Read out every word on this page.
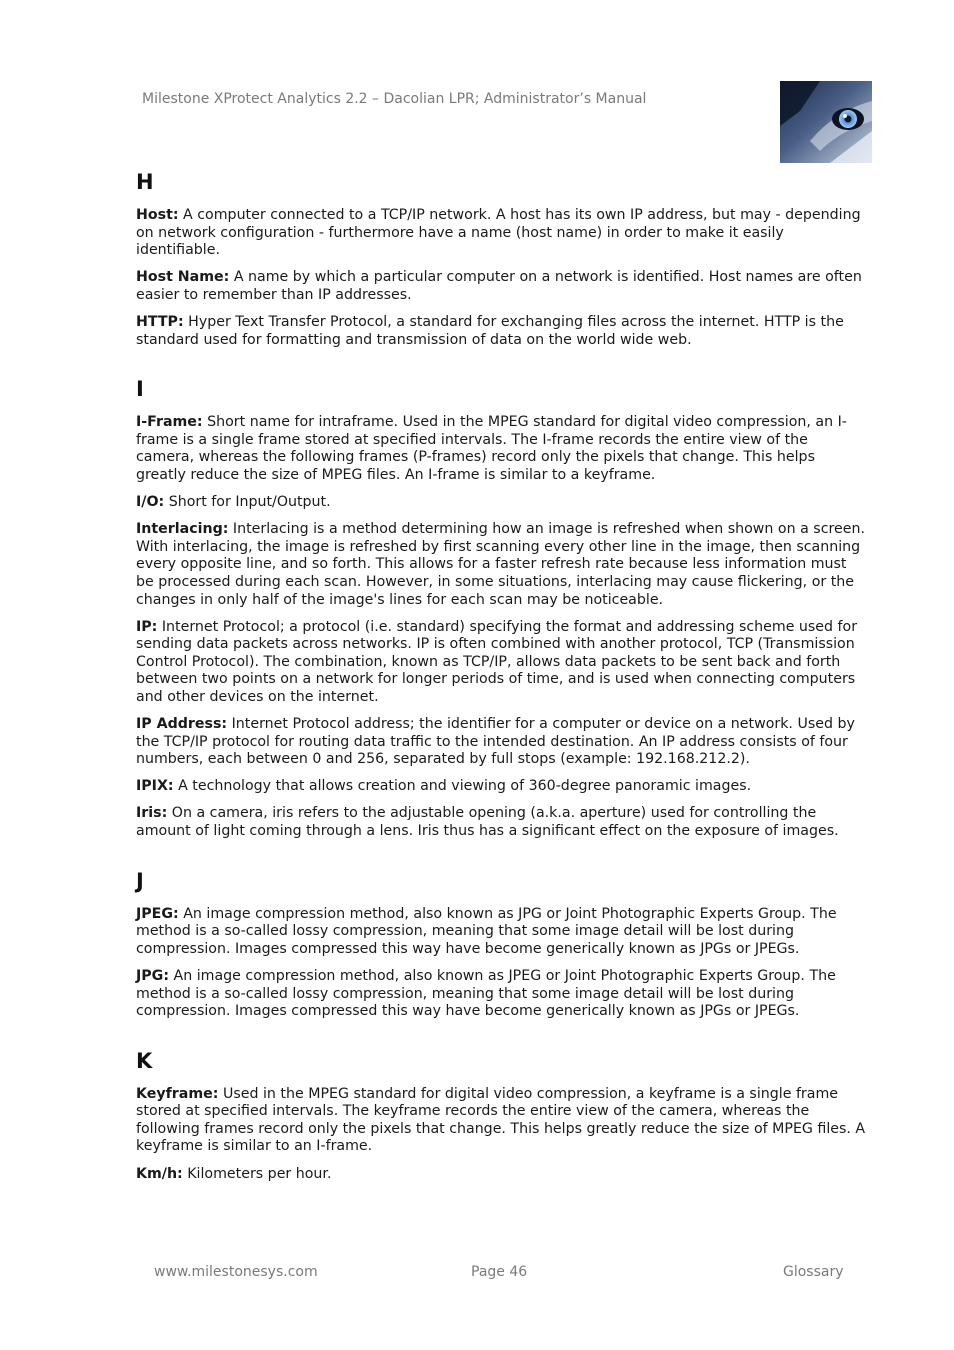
Milestone XProtect Analytics 2.2 – Dacolian LPR; Administrator’s Manual
H

Host: A computer connected to a TCP/IP network. A host has its own IP address, but may - depending on network configuration - furthermore have a name (host name) in order to make it easily identifiable.

Host Name: A name by which a particular computer on a network is identified. Host names are often easier to remember than IP addresses.

HTTP: Hyper Text Transfer Protocol, a standard for exchanging files across the internet. HTTP is the standard used for formatting and transmission of data on the world wide web.

I

I-Frame: Short name for intraframe. Used in the MPEG standard for digital video compression, an I-frame is a single frame stored at specified intervals. The I-frame records the entire view of the camera, whereas the following frames (P-frames) record only the pixels that change. This helps greatly reduce the size of MPEG files. An I-frame is similar to a keyframe.

I/O: Short for Input/Output.

Interlacing: Interlacing is a method determining how an image is refreshed when shown on a screen. With interlacing, the image is refreshed by first scanning every other line in the image, then scanning every opposite line, and so forth. This allows for a faster refresh rate because less information must be processed during each scan. However, in some situations, interlacing may cause flickering, or the changes in only half of the image's lines for each scan may be noticeable.

IP: Internet Protocol; a protocol (i.e. standard) specifying the format and addressing scheme used for sending data packets across networks. IP is often combined with another protocol, TCP (Transmission Control Protocol). The combination, known as TCP/IP, allows data packets to be sent back and forth between two points on a network for longer periods of time, and is used when connecting computers and other devices on the internet.

IP Address: Internet Protocol address; the identifier for a computer or device on a network. Used by the TCP/IP protocol for routing data traffic to the intended destination. An IP address consists of four numbers, each between 0 and 256, separated by full stops (example: 192.168.212.2).

IPIX: A technology that allows creation and viewing of 360-degree panoramic images.

Iris: On a camera, iris refers to the adjustable opening (a.k.a. aperture) used for controlling the amount of light coming through a lens. Iris thus has a significant effect on the exposure of images.

J

JPEG: An image compression method, also known as JPG or Joint Photographic Experts Group. The method is a so-called lossy compression, meaning that some image detail will be lost during compression. Images compressed this way have become generically known as JPGs or JPEGs.

JPG: An image compression method, also known as JPEG or Joint Photographic Experts Group. The method is a so-called lossy compression, meaning that some image detail will be lost during compression. Images compressed this way have become generically known as JPGs or JPEGs.

K

Keyframe: Used in the MPEG standard for digital video compression, a keyframe is a single frame stored at specified intervals. The keyframe records the entire view of the camera, whereas the following frames record only the pixels that change. This helps greatly reduce the size of MPEG files. A keyframe is similar to an I-frame.

Km/h: Kilometers per hour.

www.milestonesys.com	Page 46	Glossary
